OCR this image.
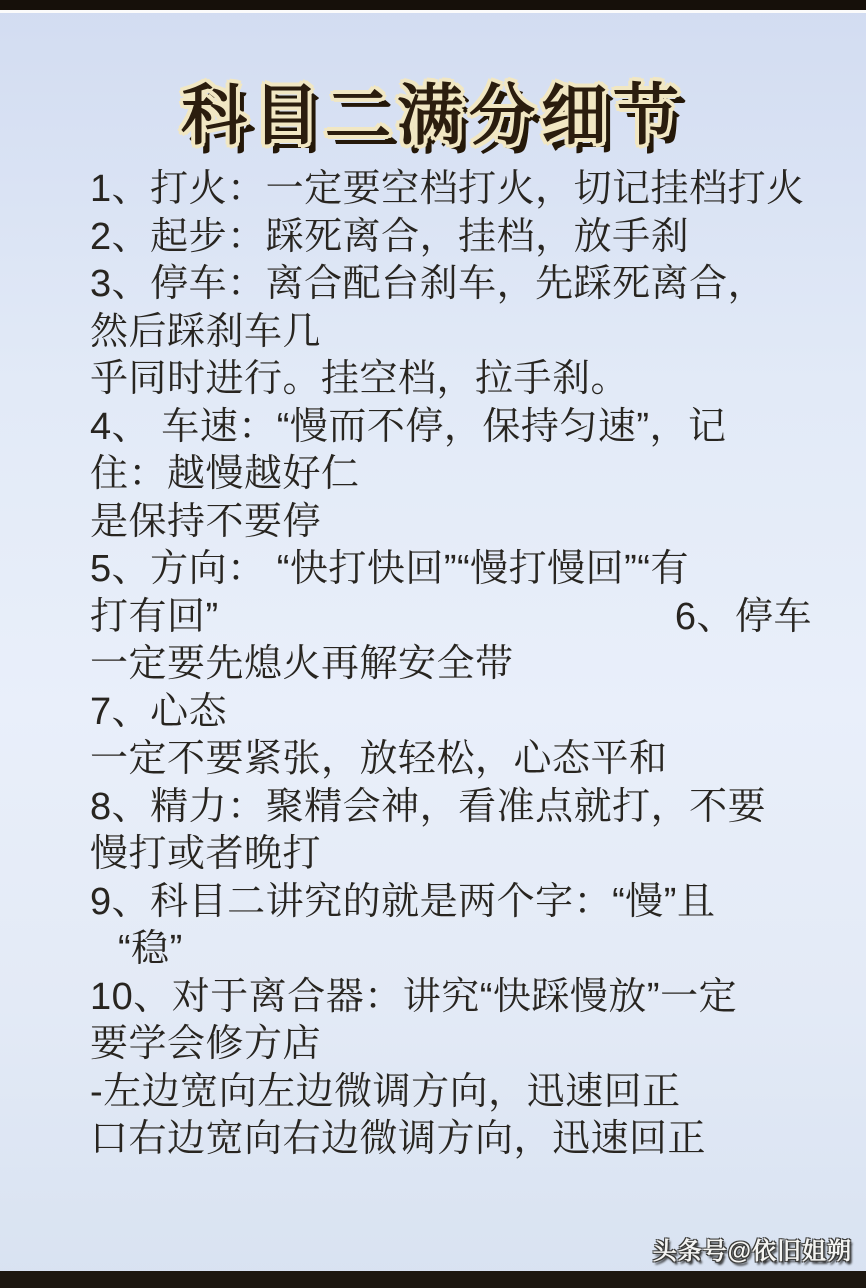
科目二满分细节
1、打火：一定要空档打火，切记挂档打火
2、起步：踩死离合，挂档，放手刹
3、停车：离合配台刹车，先踩死离合，
然后踩刹车几
乎同时进行。挂空档，拉手刹。
4、 车速：“慢而不停，保持匀速”，记
住：越慢越好仁
是保持不要停
5、方向： “快打快回”“慢打慢回”“有
打有回”	6、停车
一定要先熄火再解安全带
7、心态
一定不要紧张，放轻松，心态平和
8、精力：聚精会神，看准点就打，不要
慢打或者晚打
9、科目二讲究的就是两个字：“慢”且
“稳”
10、对于离合器：讲究“快踩慢放”一定
要学会修方店
-左边宽向左边微调方向，迅速回正
口右边宽向右边微调方向，迅速回正
头条号@依旧姐朔
